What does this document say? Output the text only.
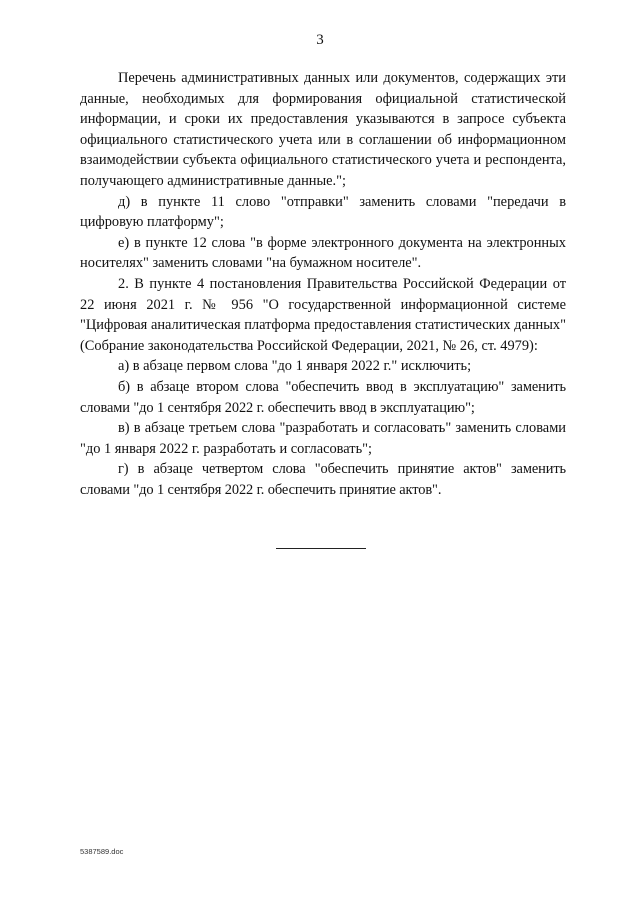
3

Перечень административных данных или документов, содержащих эти данные, необходимых для формирования официальной статистической информации, и сроки их предоставления указываются в запросе субъекта официального статистического учета или в соглашении об информационном взаимодействии субъекта официального статистического учета и респондента, получающего административные данные.";

д) в пункте 11 слово "отправки" заменить словами "передачи в цифровую платформу";

е) в пункте 12 слова "в форме электронного документа на электронных носителях" заменить словами "на бумажном носителе".

2. В пункте 4 постановления Правительства Российской Федерации от 22 июня 2021 г. № 956 "О государственной информационной системе "Цифровая аналитическая платформа предоставления статистических данных" (Собрание законодательства Российской Федерации, 2021, № 26, ст. 4979):

а) в абзаце первом слова "до 1 января 2022 г." исключить;

б) в абзаце втором слова "обеспечить ввод в эксплуатацию" заменить словами "до 1 сентября 2022 г. обеспечить ввод в эксплуатацию";

в) в абзаце третьем слова "разработать и согласовать" заменить словами "до 1 января 2022 г. разработать и согласовать";

г) в абзаце четвертом слова "обеспечить принятие актов" заменить словами "до 1 сентября 2022 г. обеспечить принятие актов".

5387589.doc
